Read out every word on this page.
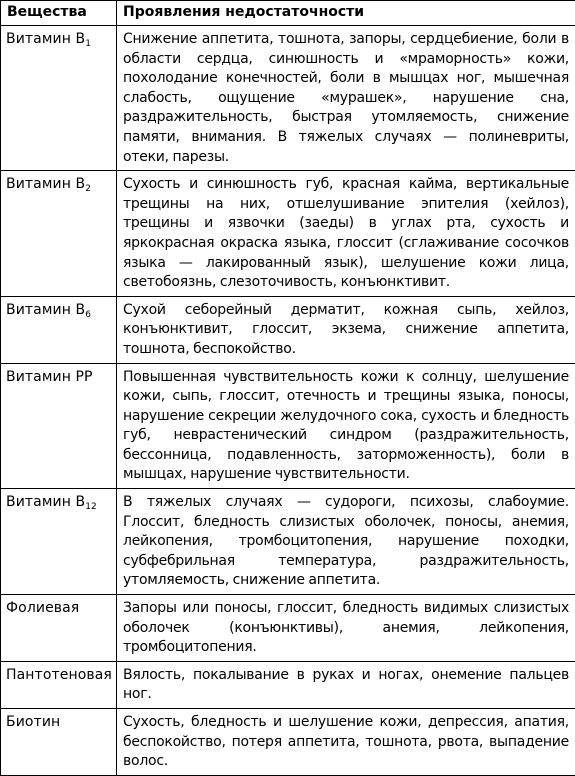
Вещества	Проявления недостаточности
Витамин $В_1$	Снижение аппетита, тошнота, запоры, сердцебиение, боли в области сердца, синюшность и «мраморность» кожи, похолодание конечностей, боли в мышцах ног, мышечная слабость, ощущение «мурашек», нарушение сна, раздражительность, быстрая утомляемость, снижение памяти, внимания. В тяжелых случаях — полиневриты, отеки, парезы.
Витамин $В_2$	Сухость и синюшность губ, красная кайма, вертикальные трещины на них, отшелушивание эпителия (хейлоз), трещины и язвочки (заеды) в углах рта, сухость и яркокрасная окраска языка, глоссит (сглаживание сосочков языка — лакированный язык), шелушение кожи лица, светобоязнь, слезоточивость, конъюнктивит.
Витамин $В_6$	Сухой себорейный дерматит, кожная сыпь, хейлоз, конъюнктивит, глоссит, экзема, снижение аппетита, тошнота, беспокойство.
Витамин РР	Повышенная чувствительность кожи к солнцу, шелушение кожи, сыпь, глоссит, отечность и трещины языка, поносы, нарушение секреции желудочного сока, сухость и бледность губ, неврастенический синдром (раздражительность, бессонница, подавленность, заторможенность), боли в мышцах, нарушение чувствительности.
Витамин $В_{12}$	В тяжелых случаях — судороги, психозы, слабоумие. Глоссит, бледность слизистых оболочек, поносы, анемия, лейкопения, тромбоцитопения, нарушение походки, субфебрильная температура, раздражительность, утомляемость, снижение аппетита.
Фолиевая	Запоры или поносы, глоссит, бледность видимых слизистых оболочек (конъюнктивы), анемия, лейкопения, тромбоцитопения.
Пантотеновая	Вялость, покалывание в руках и ногах, онемение пальцев ног.
Биотин	Сухость, бледность и шелушение кожи, депрессия, апатия, беспокойство, потеря аппетита, тошнота, рвота, выпадение волос.
